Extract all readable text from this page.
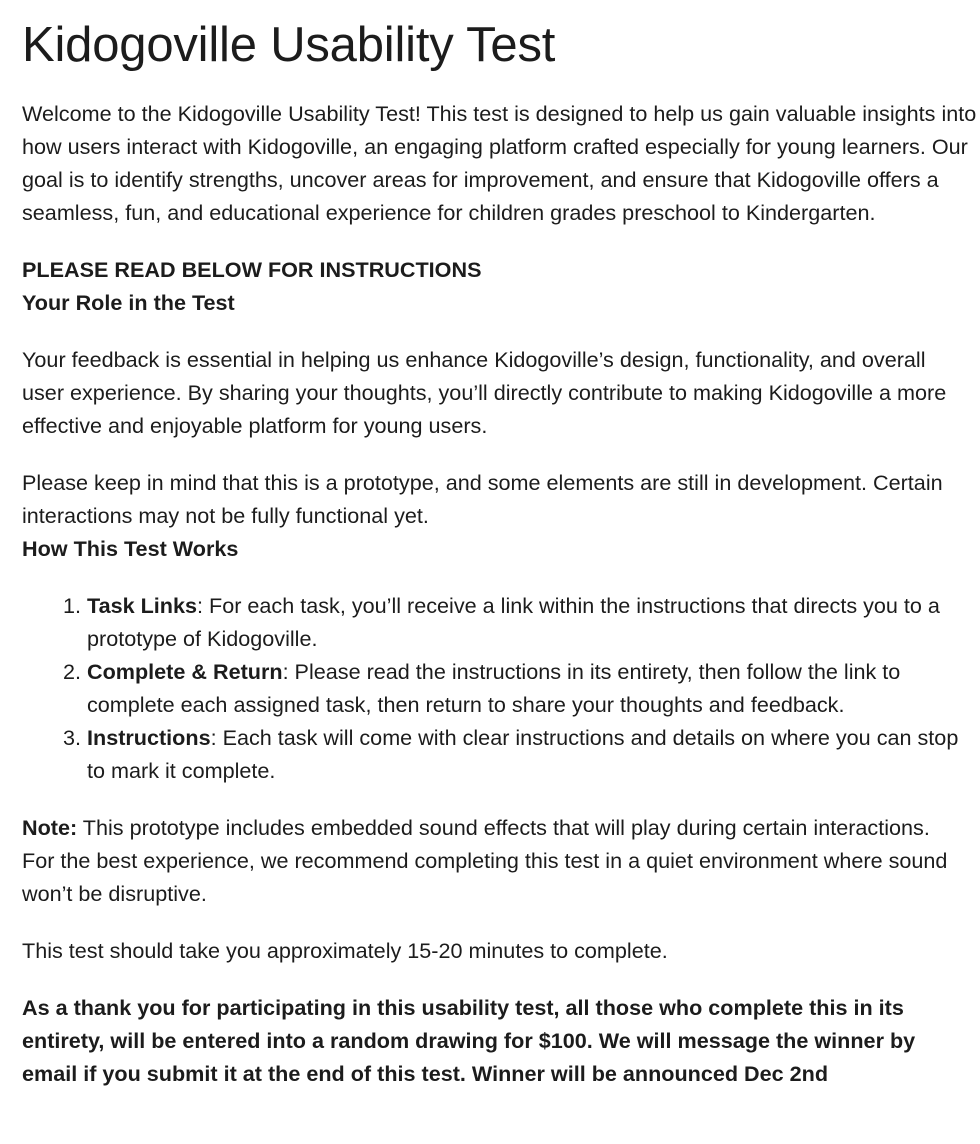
Kidogoville Usability Test

Welcome to the Kidogoville Usability Test! This test is designed to help us gain valuable insights into how users interact with Kidogoville, an engaging platform crafted especially for young learners. Our goal is to identify strengths, uncover areas for improvement, and ensure that Kidogoville offers a seamless, fun, and educational experience for children grades preschool to Kindergarten.

PLEASE READ BELOW FOR INSTRUCTIONS
Your Role in the Test

Your feedback is essential in helping us enhance Kidogoville’s design, functionality, and overall user experience. By sharing your thoughts, you’ll directly contribute to making Kidogoville a more effective and enjoyable platform for young users.

Please keep in mind that this is a prototype, and some elements are still in development. Certain interactions may not be fully functional yet.

How This Test Works
1. Task Links: For each task, you’ll receive a link within the instructions that directs you to a prototype of Kidogoville.
2. Complete & Return: Please read the instructions in its entirety, then follow the link to complete each assigned task, then return to share your thoughts and feedback.
3. Instructions: Each task will come with clear instructions and details on where you can stop to mark it complete.

Note: This prototype includes embedded sound effects that will play during certain interactions. For the best experience, we recommend completing this test in a quiet environment where sound won’t be disruptive.

This test should take you approximately 15-20 minutes to complete.

As a thank you for participating in this usability test, all those who complete this in its entirety, will be entered into a random drawing for $100. We will message the winner by email if you submit it at the end of this test. Winner will be announced Dec 2nd
